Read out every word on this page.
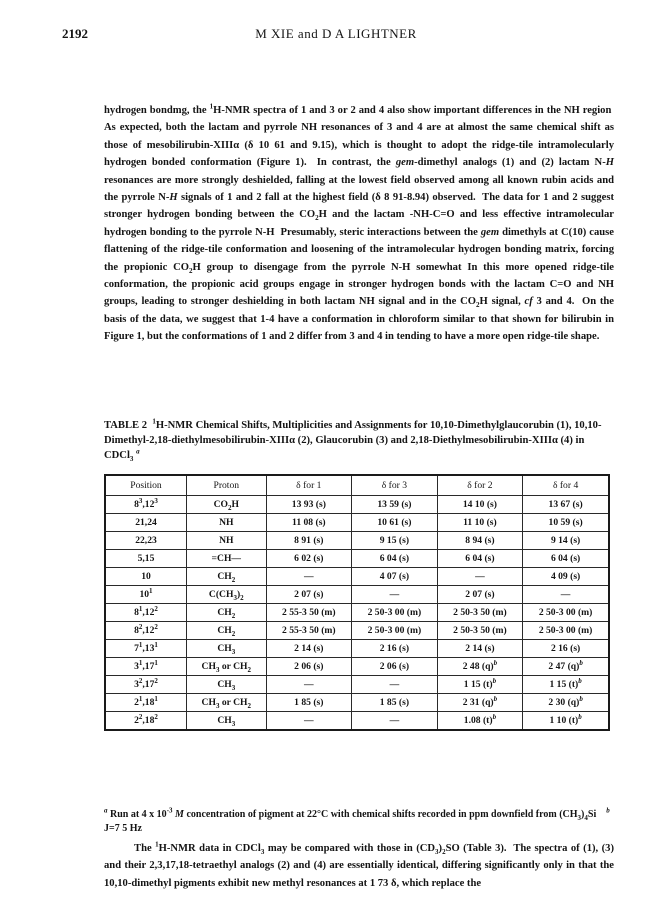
2192	M XIE and D A LIGHTNER
hydrogen bondmg, the $^1$H-NMR spectra of 1 and 3 or 2 and 4 also show important differences in the NH region  As expected, both the lactam and pyrrole NH resonances of 3 and 4 are at almost the same chemical shift as those of mesobilirubin-XIIIα (δ 10 61 and 9.15), which is thought to adopt the ridge-tile intramolecularly hydrogen bonded conformation (Figure 1).  In contrast, the gem-dimethyl analogs (1) and (2) lactam N-H resonances are more strongly deshielded, falling at the lowest field observed among all known rubin acids and the pyrrole N-H signals of 1 and 2 fall at the highest field (δ 8 91-8.94) observed.  The data for 1 and 2 suggest stronger hydrogen bonding between the $CO_2H$ and the lactam -NH-C=O and less effective intramolecular hydrogen bonding to the pyrrole N-H  Presumably, steric interactions between the gem dimethyls at C(10) cause flattening of the ridge-tile conformation and loosening of the intramolecular hydrogen bonding matrix, forcing the propionic $CO_2H$ group to disengage from the pyrrole N-H somewhat In this more opened ridge-tile conformation, the propionic acid groups engage in stronger hydrogen bonds with the lactam C=O and NH groups, leading to stronger deshielding in both lactam NH signal and in the $CO_2H$ signal, cf 3 and 4.  On the basis of the data, we suggest that 1-4 have a conformation in chloroform similar to that shown for bilirubin in Figure 1, but the conformations of 1 and 2 differ from 3 and 4 in tending to have a more open ridge-tile shape.
TABLE 2  $^1$H-NMR Chemical Shifts, Multiplicities and Assignments for 10,10-Dimethylglaucorubin (1), 10,10-Dimethyl-2,18-diethylmesobilirubin-XIIIα (2), Glaucorubin (3) and 2,18-Diethylmesobilirubin-XIIIα (4) in CDCl$_3$ $^a$
Position	Proton	δ for 1	δ for 3	δ for 2	δ for 4
$8^3,12^3$	$CO_2H$	13 93 (s)	13 59 (s)	14 10 (s)	13 67 (s)
21,24	NH	11 08 (s)	10 61 (s)	11 10 (s)	10 59 (s)
22,23	NH	8 91 (s)	9 15 (s)	8 94 (s)	9 14 (s)
5,15	=CH—	6 02 (s)	6 04 (s)	6 04 (s)	6 04 (s)
10	$CH_2$	—	4 07 (s)	—	4 09 (s)
$10^1$	$C(CH_3)_2$	2 07 (s)	—	2 07 (s)	—
$8^1,12^2$	$CH_2$	2 55-3 50 (m)	2 50-3 00 (m)	2 50-3 50 (m)	2 50-3 00 (m)
$8^2,12^2$	$CH_2$	2 55-3 50 (m)	2 50-3 00 (m)	2 50-3 50 (m)	2 50-3 00 (m)
$7^1,13^1$	$CH_3$	2 14 (s)	2 16 (s)	2 14 (s)	2 16 (s)
$3^1,17^1$	$CH_3$ or $CH_2$	2 06 (s)	2 06 (s)	2 48 $(q)^b$	2 47 $(q)^b$
$3^2,17^2$	$CH_3$	—	—	1 15 $(t)^b$	1 15 $(t)^b$
$2^1,18^1$	$CH_3$ or $CH_2$	1 85 (s)	1 85 (s)	2 31 $(q)^b$	2 30 $(q)^b$
$2^2,18^2$	$CH_3$	—	—	1.08 $(t)^b$	1 10 $(t)^b$
$^a$ Run at 4 x $10^{-3}$ M concentration of pigment at 22°C with chemical shifts recorded in ppm downfield from $(CH_3)_4Si$    $^b$ J=7 5 Hz
The $^1$H-NMR data in CDCl$_3$ may be compared with those in $(CD_3)_2SO$ (Table 3).  The spectra of (1), (3) and their 2,3,17,18-tetraethyl analogs (2) and (4) are essentially identical, differing significantly only in that the 10,10-dimethyl pigments exhibit new methyl resonances at 1 73 δ, which replace the
